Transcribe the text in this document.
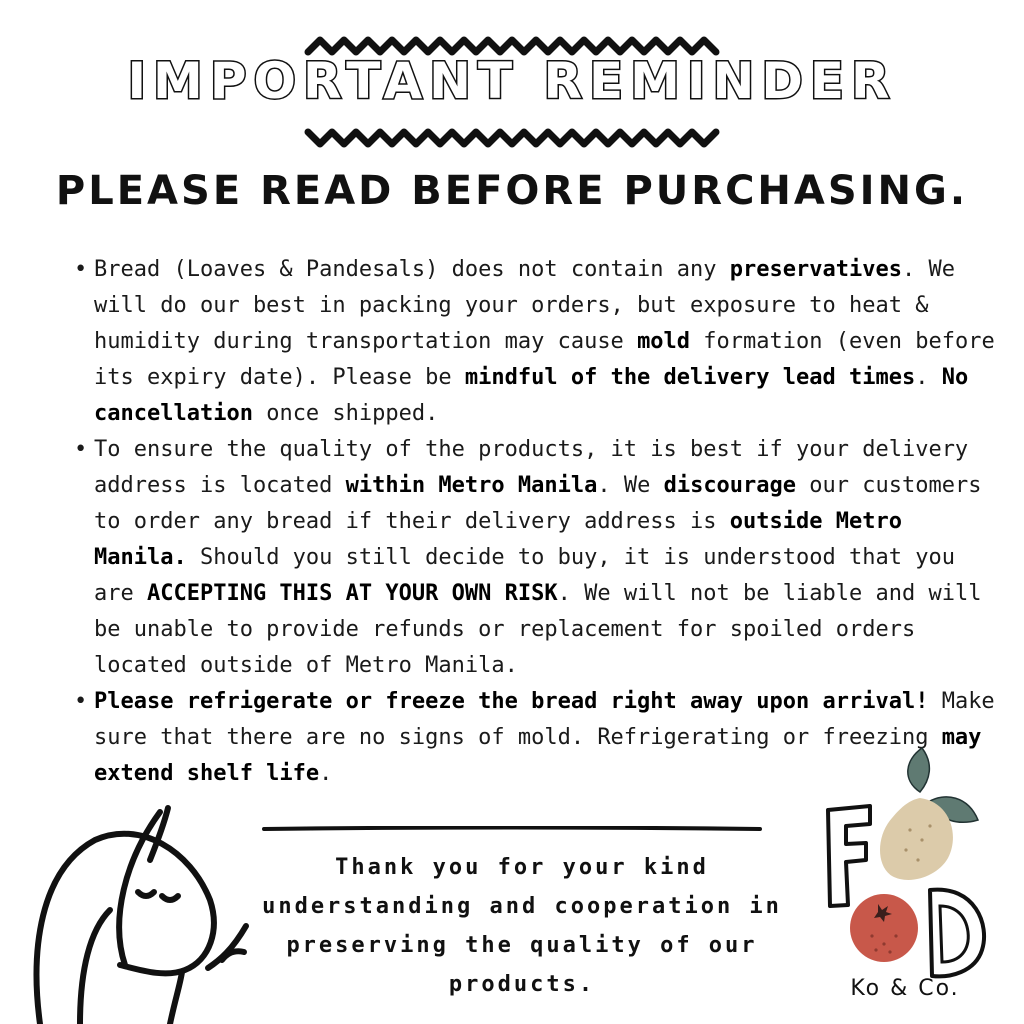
IMPORTANT REMINDER
PLEASE READ BEFORE PURCHASING.
• Bread (Loaves & Pandesals) does not contain any preservatives. We will do our best in packing your orders, but exposure to heat & humidity during transportation may cause mold formation (even before its expiry date). Please be mindful of the delivery lead times. No cancellation once shipped.
• To ensure the quality of the products, it is best if your delivery address is located within Metro Manila. We discourage our customers to order any bread if their delivery address is outside Metro Manila. Should you still decide to buy, it is understood that you are ACCEPTING THIS AT YOUR OWN RISK. We will not be liable and will be unable to provide refunds or replacement for spoiled orders located outside of Metro Manila.
• Please refrigerate or freeze the bread right away upon arrival! Make sure that there are no signs of mold. Refrigerating or freezing may extend shelf life.
Thank you for your kind understanding and cooperation in preserving the quality of our products.	Ko & Co.
